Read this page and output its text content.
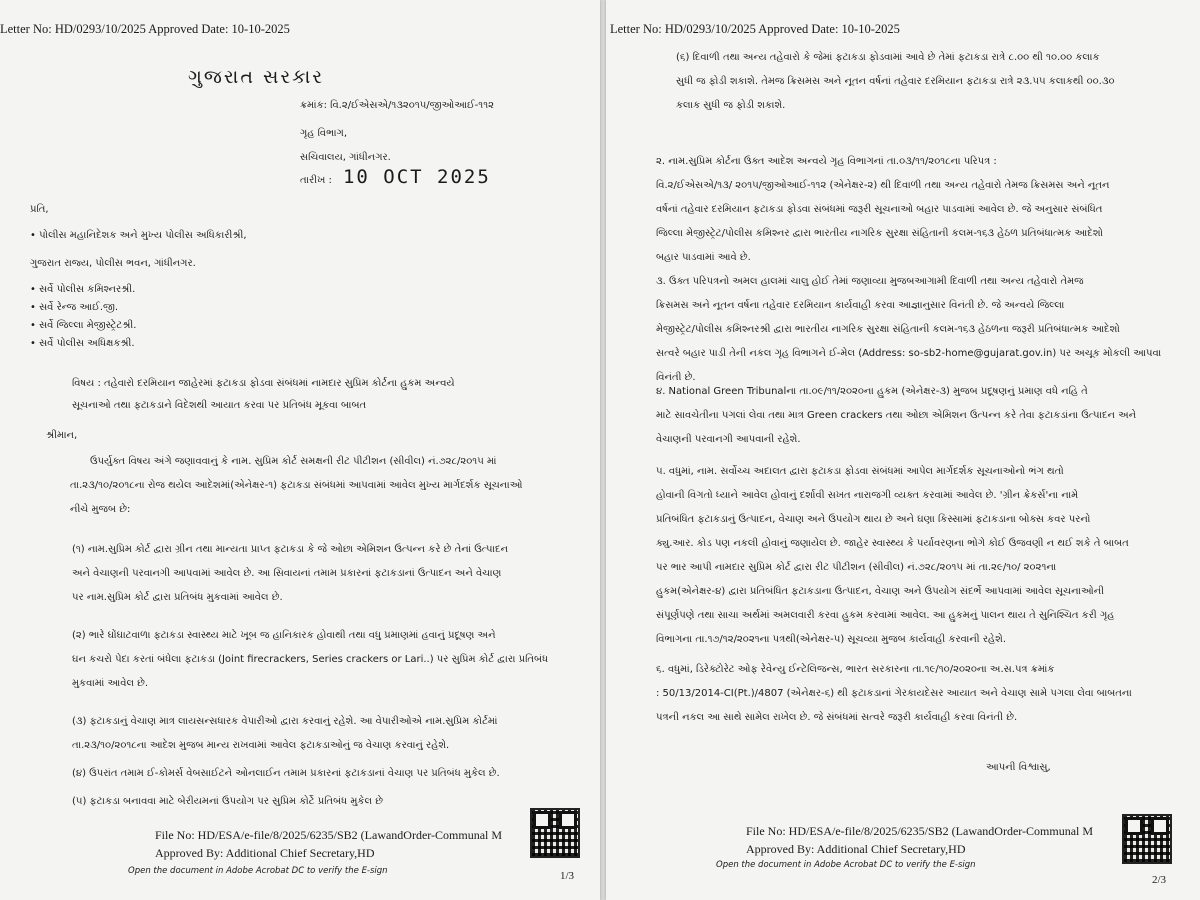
Letter No: HD/0293/10/2025 Approved Date: 10-10-2025
ગુજરાત સરકાર
ક્રમાંક: વિ.૨/ઈએસએ/૧૩૨૦૧૫/જીઓઆઈ-૧૧૨
ગૃહ વિભાગ,
સચિવાલય, ગાંધીનગર.
તારીખ : 10 OCT 2025
પ્રતિ,
• પોલીસ મહાનિદેશક અને મુખ્ય પોલીસ અધિકારીશ્રી,
ગુજરાત રાજ્ય, પોલીસ ભવન, ગાંધીનગર.
• સર્વે પોલીસ કમિશ્નરશ્રી.
• સર્વે રેન્જ આઈ.જી.
• સર્વે જિલ્લા મેજીસ્ટ્રેટશ્રી.
• સર્વે પોલીસ અધિક્ષકશ્રી.
વિષય : તહેવારો દરમિયાન જાહેરમાં ફટાકડા ફોડવા સંબંધમાં નામદાર સુપ્રિમ કોર્ટના હુકમ અન્વયે
સૂચનાઓ તથા ફટાકડાને વિદેશથી આયાત કરવા પર પ્રતિબંધ મૂકવા બાબત
શ્રીમાન,
ઉપર્યુક્ત વિષય અંગે જણાવવાનું કે નામ. સુપ્રિમ કોર્ટ સમક્ષની રીટ પીટીશન (સીવીલ) નં.૭૨૮/૨૦૧૫ માં
તા.૨૩/૧૦/૨૦૧૮ના રોજ થયેલ આદેશમાં(એનેક્ષર-૧) ફટાકડા સંબંધમાં આપવામાં આવેલ મુખ્ય માર્ગદર્શક સૂચનાઓ
નીચે મુજબ છે:
(૧) નામ.સુપ્રિમ કોર્ટ દ્વારા ગ્રીન તથા માન્યતા પ્રાપ્ત ફટાકડા કે જે ઓછા એમિશન ઉત્પન્ન કરે છે તેનાં ઉત્પાદન
અને વેચાણની પરવાનગી આપવામાં આવેલ છે. આ સિવાયનાં તમામ પ્રકારનાં ફટાકડાનાં ઉત્પાદન અને વેચાણ
પર નામ.સુપ્રિમ કોર્ટ દ્વારા પ્રતિબંધ મુકવામાં આવેલ છે.
(૨) ભારે ઘોંઘાટવાળા ફટાકડા સ્વાસ્થ્ય માટે ખૂબ જ હાનિકારક હોવાથી તથા વધુ પ્રમાણમાં હવાનું પ્રદૂષણ અને
ઘન કચરો પેદા કરતાં બંધેલા ફટાકડા (Joint firecrackers, Series crackers or Lari..) પર સુપ્રિમ કોર્ટ દ્વારા પ્રતિબંધ
મુકવામાં આવેલ છે.
(૩) ફટાકડાનું વેચાણ માત્ર લાયસન્સધારક વેપારીઓ દ્વારા કરવાનું રહેશે. આ વેપારીઓએ નામ.સુપ્રિમ કોર્ટમાં
તા.૨૩/૧૦/૨૦૧૮ના આદેશ મુજબ માન્ય રાખવામાં આવેલ ફટાકડાઓનું જ વેચાણ કરવાનું રહેશે.
(૪) ઉપરાંત તમામ ઈ-કોમર્સ વેબસાઈટને ઓનલાઈન તમામ પ્રકારનાં ફટાકડાનાં વેચાણ પર પ્રતિબંધ મુકેલ છે.
(૫) ફટાકડા બનાવવા માટે બેરીયમનાં ઉપયોગ પર સુપ્રિમ કોર્ટે પ્રતિબંધ મુકેલ છે
File No: HD/ESA/e-file/8/2025/6235/SB2 (LawandOrder-Communal M
Approved By: Additional Chief Secretary,HD
Open the document in Adobe Acrobat DC to verify the E-sign	1/3
Letter No: HD/0293/10/2025 Approved Date: 10-10-2025
(૬) દિવાળી તથા અન્ય તહેવારો કે જેમાં ફટાકડા ફોડવામાં આવે છે તેમાં ફટાકડા રાત્રે ૮.૦૦ થી ૧૦.૦૦ કલાક
સુધી જ ફોડી શકાશે. તેમજ ક્રિસમસ અને નૂતન વર્ષનાં તહેવાર દરમિયાન ફટાકડા રાત્રે ૨૩.૫૫ કલાકથી ૦૦.૩૦
કલાક સુધી જ ફોડી શકાશે.
૨. નામ.સુપ્રિમ કોર્ટના ઉક્ત આદેશ અન્વયે ગૃહ વિભાગનાં તા.૦૩/૧૧/૨૦૧૮ના પરિપત્ર :
વિ.૨/ઈએસએ/૧૩/ ૨૦૧૫/જીઓઆઈ-૧૧૨ (એનેક્ષર-૨) થી દિવાળી તથા અન્ય તહેવારો તેમજ ક્રિસમસ અને નૂતન
વર્ષનાં તહેવાર દરમિયાન ફટાકડા ફોડવા સંબંધમાં જરૂરી સૂચનાઓ બહાર પાડવામાં આવેલ છે. જે અનુસાર સંબંધિત
જિલ્લા મેજીસ્ટ્રેટ/પોલીસ કમિશ્નર દ્વારા ભારતીય નાગરિક સુરક્ષા સંહિતાની કલમ-૧૬૩ હેઠળ પ્રતિબંધાત્મક આદેશો
બહાર પાડવામાં આવે છે.
૩. ઉક્ત પરિપત્રનો અમલ હાલમાં ચાલુ હોઈ તેમાં જણાવ્યા મુજબઆગામી દિવાળી તથા અન્ય તહેવારો તેમજ
ક્રિસમસ અને નૂતન વર્ષના તહેવાર દરમિયાન કાર્યવાહી કરવા આજ્ઞાનુસાર વિનંતી છે. જે અન્વયે જિલ્લા
મેજીસ્ટ્રેટ/પોલીસ કમિશ્નરશ્રી દ્વારા ભારતીય નાગરિક સુરક્ષા સંહિતાની કલમ-૧૬૩ હેઠળના જરૂરી પ્રતિબંધાત્મક આદેશો
સત્વરે બહાર પાડી તેની નકલ ગૃહ વિભાગને ઈ-મેલ (Address: so-sb2-home@gujarat.gov.in) પર અચૂક મોકલી આપવા
વિનંતી છે.
૪. National Green Tribunalના તા.૦૯/૧૧/૨૦૨૦ના હુકમ (એનેક્ષર-૩) મુજબ પ્રદૂષણનું પ્રમાણ વધે નહિ તે
માટે સાવચેતીના પગલાં લેવા તથા માત્ર Green crackers તથા ઓછા એમિશન ઉત્પન્ન કરે તેવા ફટાકડાંના ઉત્પાદન અને
વેચાણની પરવાનગી આપવાની રહેશે.
૫. વધુમાં, નામ. સર્વોચ્ચ અદાલત દ્વારા ફટાકડા ફોડવા સંબંધમાં આપેલ માર્ગદર્શક સૂચનાઓનો ભંગ થતો
હોવાની વિગતો ધ્યાને આવેલ હોવાનું દર્શાવી સખત નારાજગી વ્યક્ત કરવામાં આવેલ છે. 'ગ્રીન ક્રેકર્સ'ના નામે
પ્રતિબંધિત ફટાકડાનું ઉત્પાદન, વેચાણ અને ઉપયોગ થાય છે અને ઘણા કિસ્સામાં ફટાકડાના બોક્સ કવર પરનો
ક્યુ.આર. કોડ પણ નકલી હોવાનું જણાયેલ છે. જાહેર સ્વાસ્થ્ય કે પર્યાવરણના ભોગે કોઈ ઉજવણી ન થઈ શકે તે બાબત
પર ભાર આપી નામદાર સુપ્રિમ કોર્ટ દ્વારા રીટ પીટીશન (સીવીલ) નં.૭૨૮/૨૦૧૫ માં તા.૨૯/૧૦/ ૨૦૨૧ના
હુકમ(એનેક્ષર-૪) દ્વારા પ્રતિબંધિત ફટાકડાના ઉત્પાદન, વેચાણ અને ઉપયોગ સંદર્ભે આપવામાં આવેલ સૂચનાઓની
સંપૂર્ણપણે તથા સાચા અર્થમાં અમલવારી કરવા હુકમ કરવામાં આવેલ. આ હુકમનું પાલન થાય તે સુનિશ્ચિત કરી ગૃહ
વિભાગના તા.૧૭/૧૨/૨૦૨૧ના પત્રથી(એનેક્ષર-૫) સૂચવ્યા મુજબ કાર્યવાહી કરવાની રહેશે.
૬. વધુમાં, ડિરેક્ટોરેટ ઓફ રેવેન્યુ ઈન્ટેલિજન્સ, ભારત સરકારના તા.૧૯/૧૦/૨૦૨૦ના અ.સ.પત્ર ક્રમાંક
: 50/13/2014-CI(Pt.)/4807 (એનેક્ષર-૬) થી ફટાકડાનાં ગેરકાયદેસર આયાત અને વેચાણ સામે પગલા લેવા બાબતના
પત્રની નકલ આ સાથે સામેલ રાખેલ છે. જે સંબંધમાં સત્વરે જરૂરી કાર્યવાહી કરવા વિનંતી છે.
આપની વિશ્વાસુ,
File No: HD/ESA/e-file/8/2025/6235/SB2 (LawandOrder-Communal M
Approved By: Additional Chief Secretary,HD
Open the document in Adobe Acrobat DC to verify the E-sign
2/3
